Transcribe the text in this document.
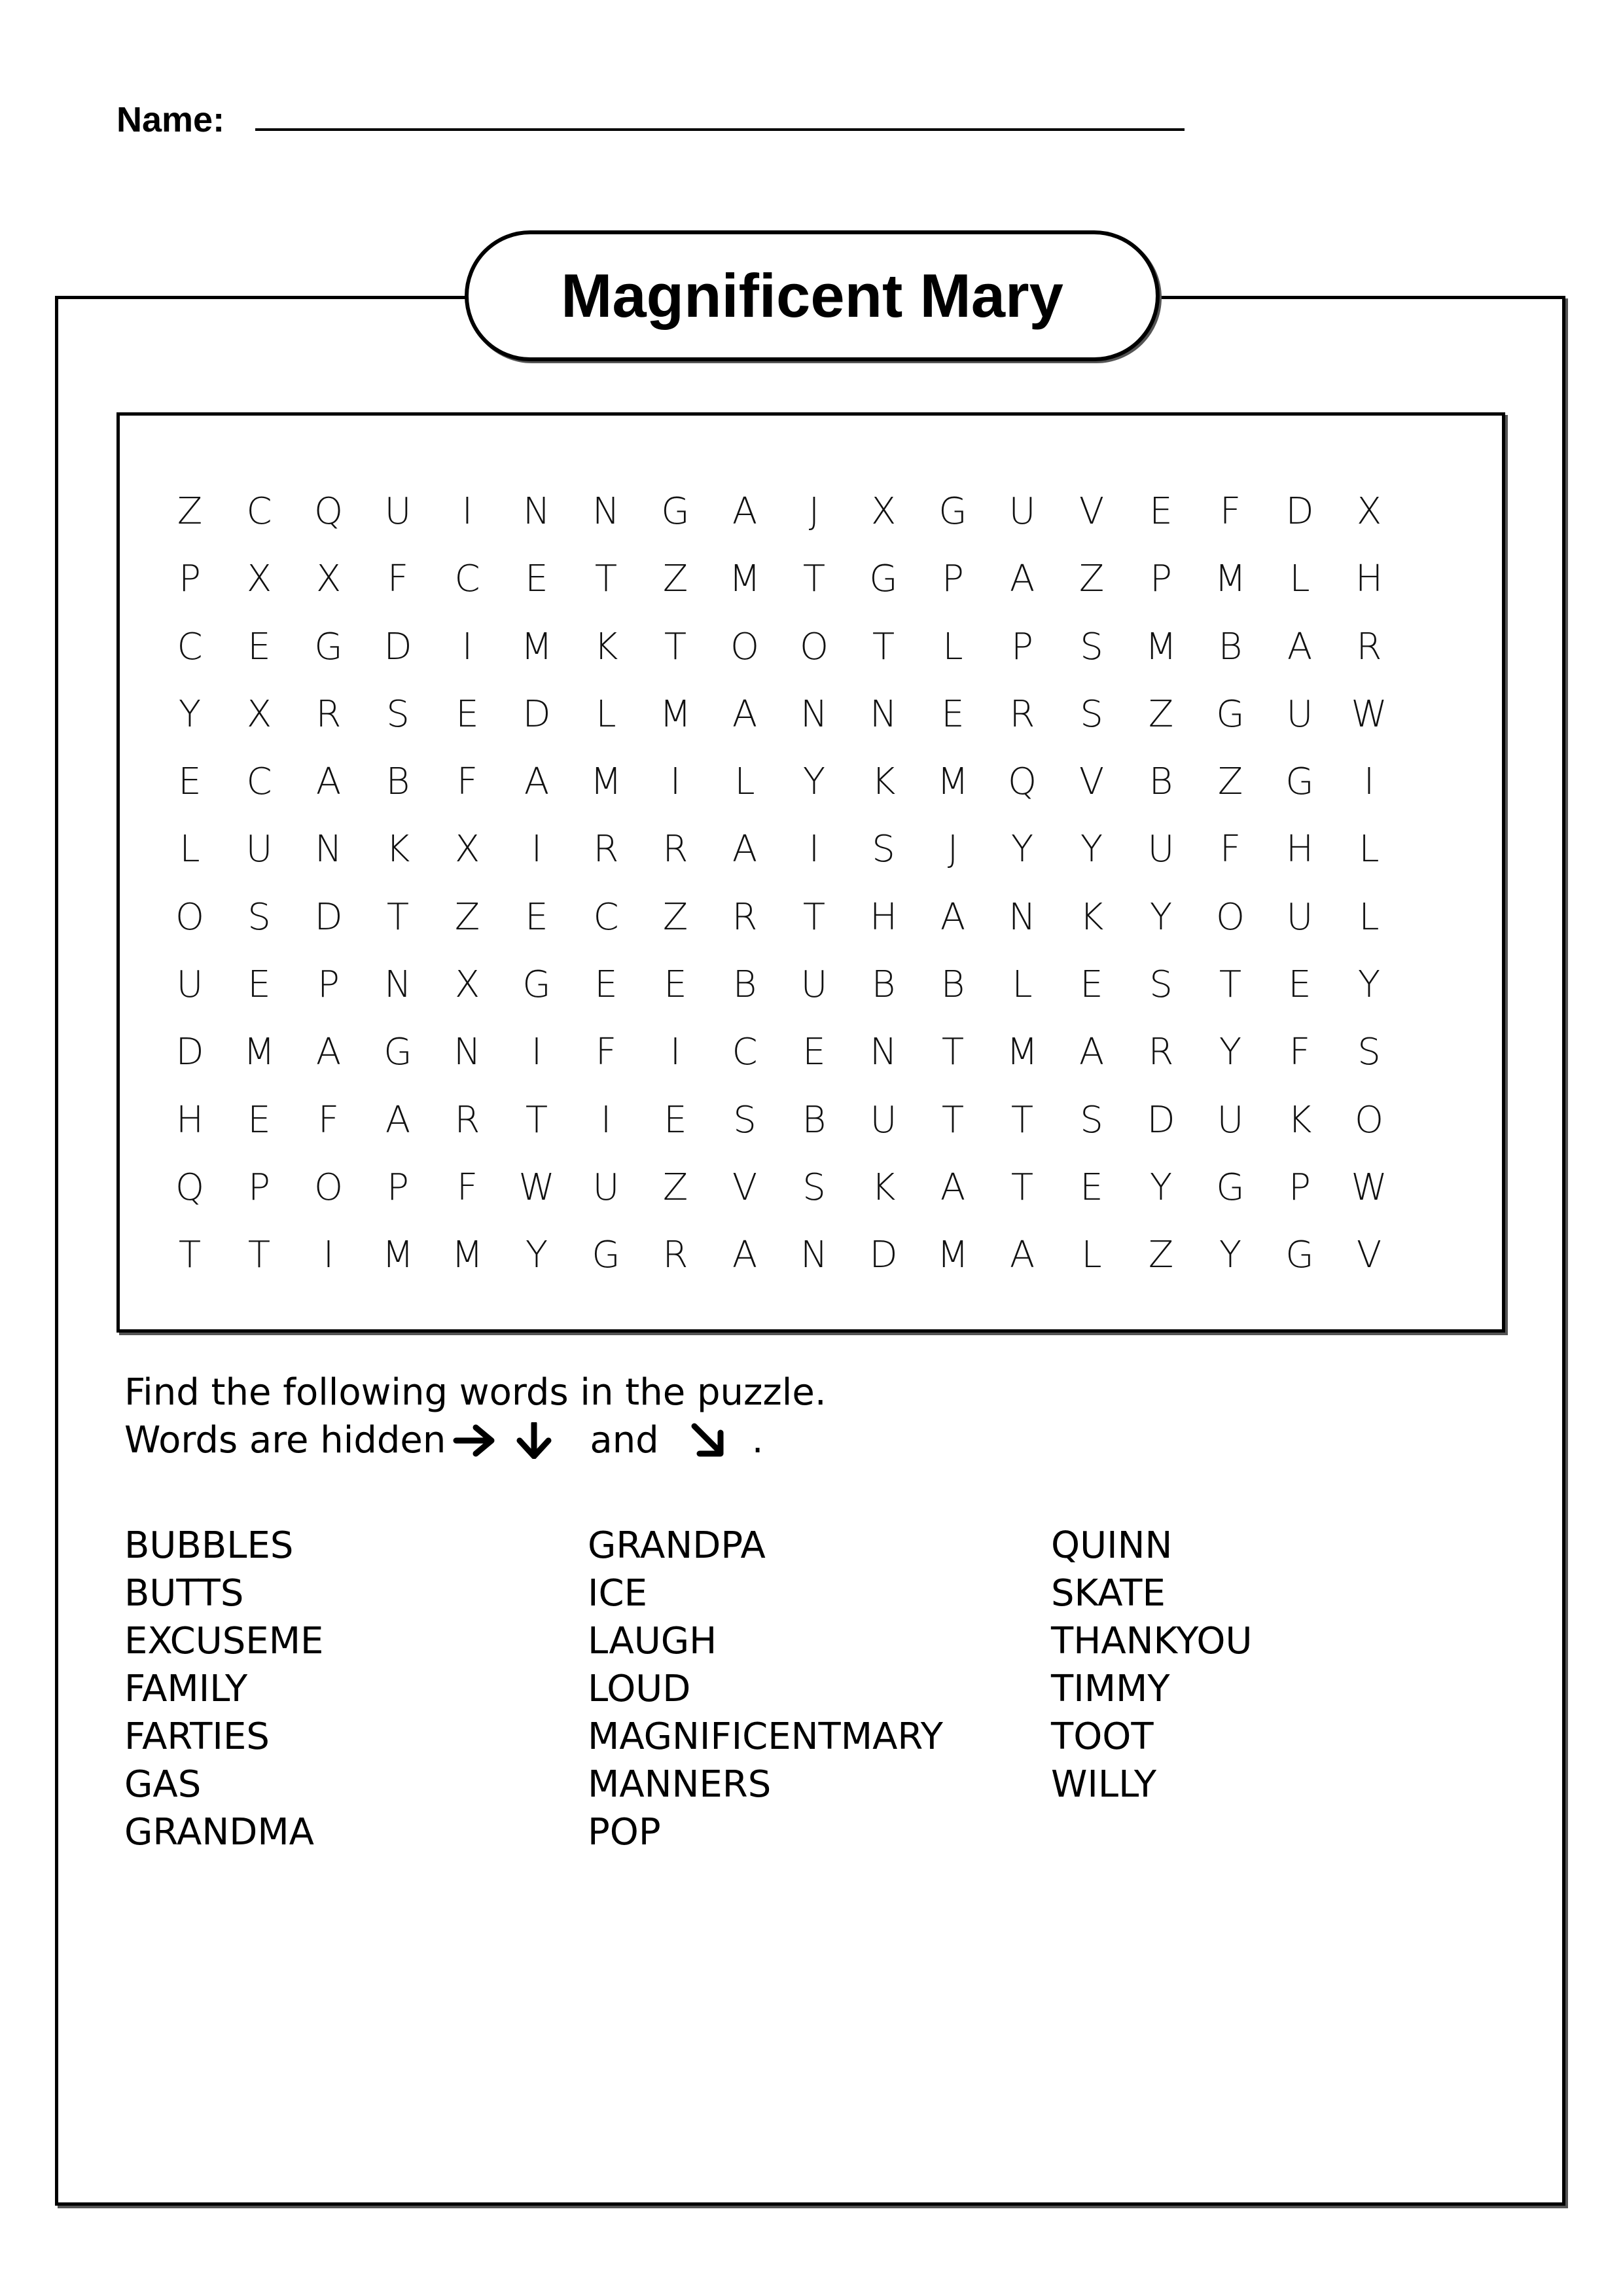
Name:
Magnificent Mary
Z	C	Q	U	I	N	N	G	A	J	X	G	U	V	E	F	D	X
P	X	X	F	C	E	T	Z	M	T	G	P	A	Z	P	M	L	H
C	E	G	D	I	M	K	T	O	O	T	L	P	S	M	B	A	R
Y	X	R	S	E	D	L	M	A	N	N	E	R	S	Z	G	U	W
E	C	A	B	F	A	M	I	L	Y	K	M	Q	V	B	Z	G	I
L	U	N	K	X	I	R	R	A	I	S	J	Y	Y	U	F	H	L
O	S	D	T	Z	E	C	Z	R	T	H	A	N	K	Y	O	U	L
U	E	P	N	X	G	E	E	B	U	B	B	L	E	S	T	E	Y
D	M	A	G	N	I	F	I	C	E	N	T	M	A	R	Y	F	S
H	E	F	A	R	T	I	E	S	B	U	T	T	S	D	U	K	O
Q	P	O	P	F	W	U	Z	V	S	K	A	T	E	Y	G	P	W
T	T	I	M	M	Y	G	R	A	N	D	M	A	L	Z	Y	G	V
Find the following words in the puzzle.
Words are hidden	and	.
BUBBLES
BUTTS
EXCUSEME
FAMILY
FARTIES
GAS
GRANDMA
GRANDPA
ICE
LAUGH
LOUD
MAGNIFICENTMARY
MANNERS
POP
QUINN
SKATE
THANKYOU
TIMMY
TOOT
WILLY
